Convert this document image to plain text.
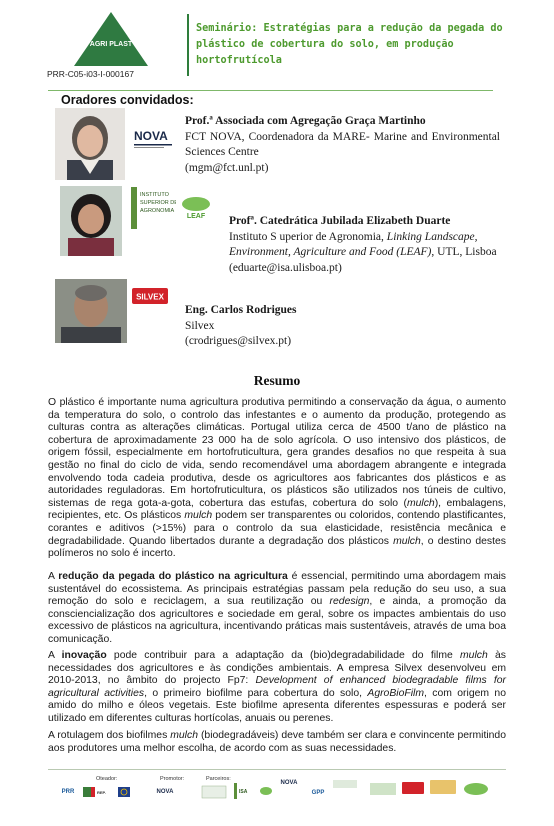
AGRI PLAST
PRR-C05-i03-I-000167
Seminário: Estratégias para a redução da pegada do plástico de cobertura do solo, em produção hortofrutícola
Oradores convidados:
NOVA
Prof.ª Associada com Agregação Graça Martinho
FCT NOVA, Coordenadora da MARE- Marine and Environmental Sciences Centre
(mgm@fct.unl.pt)
INSTITUTO
SUPERIOR DE
AGRONOMIA
LEAF Profª. Catedrática Jubilada Elizabeth Duarte
Instituto S uperior de Agronomia, Linking Landscape, Environment, Agriculture and Food (LEAF), UTL, Lisboa (eduarte@isa.ulisboa.pt)
SILVEX
Eng. Carlos Rodrigues
Silvex
(crodrigues@silvex.pt)
Resumo
O plástico é importante numa agricultura produtiva permitindo a conservação da água, o aumento da temperatura do solo, o controlo das infestantes e o aumento da produção, protegendo as culturas contra as alterações climáticas. Portugal utiliza cerca de 4500 t/ano de plástico na cobertura de aproximadamente 23 000 ha de solo agrícola. O uso intensivo dos plásticos, de origem fóssil, especialmente em hortofruticultura, gera grandes desafios no que respeita à sua gestão no final do ciclo de vida, sendo recomendável uma abordagem abrangente e integrada envolvendo toda cadeia produtiva, desde os agricultores aos fabricantes dos plásticos e as autoridades reguladoras. Em hortofruticultura, os plásticos são utilizados nos túneis de cultivo, sistemas de rega gota-a-gota, cobertura das estufas, cobertura do solo (mulch), embalagens, recipientes, etc. Os plásticos mulch podem ser transparentes ou coloridos, contendo plastificantes, corantes e aditivos (>15%) para o controlo da sua elasticidade, resistência mecânica e degradabilidade. Quando libertados durante a degradação dos plásticos mulch, o destino destes polímeros no solo é incerto.
A redução da pegada do plástico na agricultura é essencial, permitindo uma abordagem mais sustentável do ecossistema. As principais estratégias passam pela redução do seu uso, a sua remoção do solo e reciclagem, a sua reutilização ou redesign, e ainda, a promoção da consciencialização dos agricultores e sociedade em geral, sobre os impactes ambientais do uso excessivo de plásticos na agricultura, incentivando práticas mais sustentáveis, através de uma boa comunicação.
A inovação pode contribuir para a adaptação da (bio)degradabilidade do filme mulch às necessidades dos agricultores e às condições ambientais. A empresa Silvex desenvolveu em 2010-2013, no âmbito do projecto Fp7: Development of enhanced biodegradable films for agricultural activities, o primeiro biofilme para cobertura do solo, AgroBioFilm, com origem no amido do milho e óleos vegetais. Este biofilme apresenta diferentes espessuras e poderá ser utilizado em diferentes culturas hortícolas, anuais ou perenes.
A rotulagem dos biofilmes mulch (biodegradáveis) deve também ser clara e convincente permitindo aos produtores uma melhor escolha, de acordo com as suas necessidades.
Oteador:	Promotor:	Parceiros:
PRR	REP.	NOVA	ISA
NOVA
GPP
